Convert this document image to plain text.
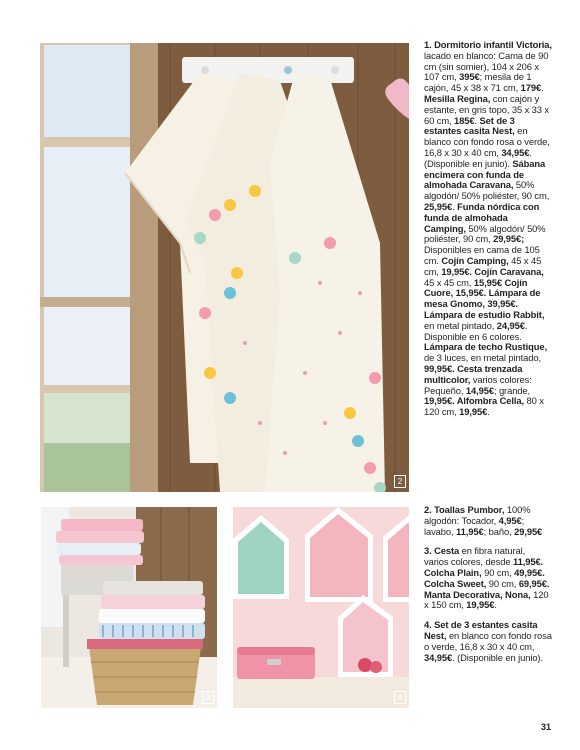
2
3	4

1. Dormitorio infantil Victoria, lacado en blanco: Cama de 90 cm (sin somier), 104 x 206 x 107 cm, 395€; mesila de 1 cajón, 45 x 38 x 71 cm, 179€. Mesilla Regina, con cajón y estante, en gris topo, 35 x 33 x 60 cm, 185€. Set de 3 estantes casita Nest, en blanco con fondo rosa o verde, 16,8 x 30 x 40 cm, 34,95€. (Disponible en junio). Sábana encimera con funda de almohada Caravana, 50% algodón/ 50% poliéster, 90 cm, 25,95€. Funda nórdica con funda de almohada Camping, 50% algodón/ 50% poliéster, 90 cm, 29,95€; Disponibles en cama de 105 cm. Cojín Camping, 45 x 45 cm, 19,95€. Cojín Caravana, 45 x 45 cm, 15,95€ Cojín Cuore, 15,95€. Lámpara de mesa Gnomo, 39,95€. Lámpara de estudio Rabbit, en metal pintado, 24,95€. Disponible en 6 colores. Lámpara de techo Rustique, de 3 luces, en metal pintado, 99,95€. Cesta trenzada multicolor, varios colores: Pequeño, 14,95€; grande, 19,95€. Alfombra Cella, 80 x 120 cm, 19,95€.

2. Toallas Pumbor, 100% algodón: Tocador, 4,95€; lavabo, 11,95€; baño, 29,95€

3. Cesta en fibra natural, varios colores, desde 11,95€. Colcha Plain, 90 cm, 49,95€. Colcha Sweet, 90 cm, 69,95€. Manta Decorativa, Nona, 120 x 150 cm, 19,95€.

4. Set de 3 estantes casita Nest, en blanco con fondo rosa o verde, 16,8 x 30 x 40 cm, 34,95€. (Disponible en junio).

31
